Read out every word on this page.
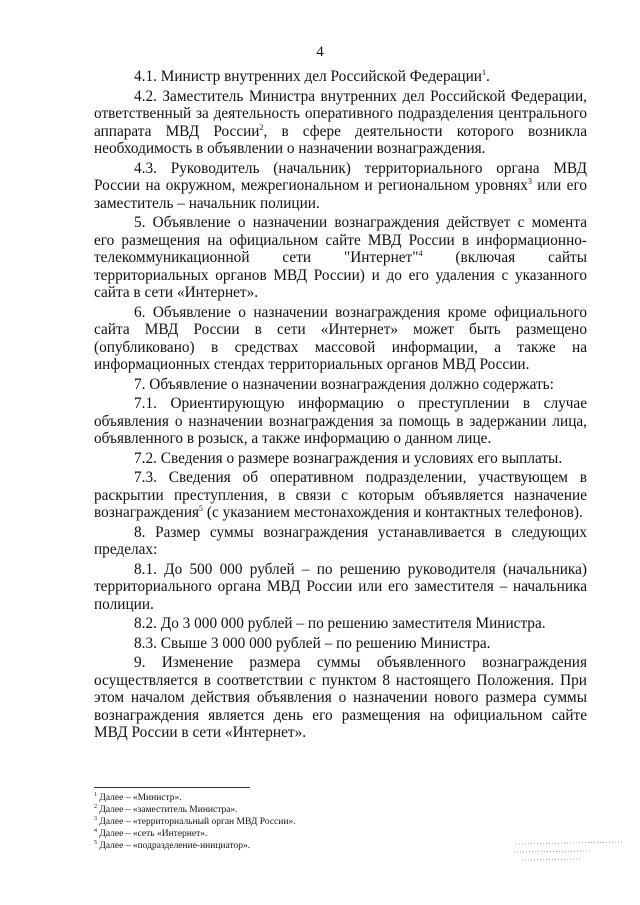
4

4.1. Министр внутренних дел Российской Федерации$^1$.

4.2. Заместитель Министра внутренних дел Российской Федерации, ответственный за деятельность оперативного подразделения центрального аппарата МВД России$^2$, в сфере деятельности которого возникла необходимость в объявлении о назначении вознаграждения.

4.3. Руководитель (начальник) территориального органа МВД России на окружном, межрегиональном и региональном уровнях$^3$ или его заместитель – начальник полиции.

5. Объявление о назначении вознаграждения действует с момента его размещения на официальном сайте МВД России в информационно-телекоммуникационной сети "Интернет"$^4$ (включая сайты территориальных органов МВД России) и до его удаления с указанного сайта в сети «Интернет».

6. Объявление о назначении вознаграждения кроме официального сайта МВД России в сети «Интернет» может быть размещено (опубликовано) в средствах массовой информации, а также на информационных стендах территориальных органов МВД России.

7. Объявление о назначении вознаграждения должно содержать:

7.1. Ориентирующую информацию о преступлении в случае объявления о назначении вознаграждения за помощь в задержании лица, объявленного в розыск, а также информацию о данном лице.

7.2. Сведения о размере вознаграждения и условиях его выплаты.

7.3. Сведения об оперативном подразделении, участвующем в раскрытии преступления, в связи с которым объявляется назначение вознаграждения$^5$ (с указанием местонахождения и контактных телефонов).

8. Размер суммы вознаграждения устанавливается в следующих пределах:

8.1. До 500 000 рублей – по решению руководителя (начальника) территориального органа МВД России или его заместителя – начальника полиции.

8.2. До 3 000 000 рублей – по решению заместителя Министра.

8.3. Свыше 3 000 000 рублей – по решению Министра.

9. Изменение размера суммы объявленного вознаграждения осуществляется в соответствии с пунктом 8 настоящего Положения. При этом началом действия объявления о назначении нового размера суммы вознаграждения является день его размещения на официальном сайте МВД России в сети «Интернет».

$^1$ Далее – «Министр».
$^2$ Далее – «заместитель Министра».
$^3$ Далее – «территориальный орган МВД России».
$^4$ Далее – «сеть «Интернет».
$^5$ Далее – «подразделение-инициатор».
